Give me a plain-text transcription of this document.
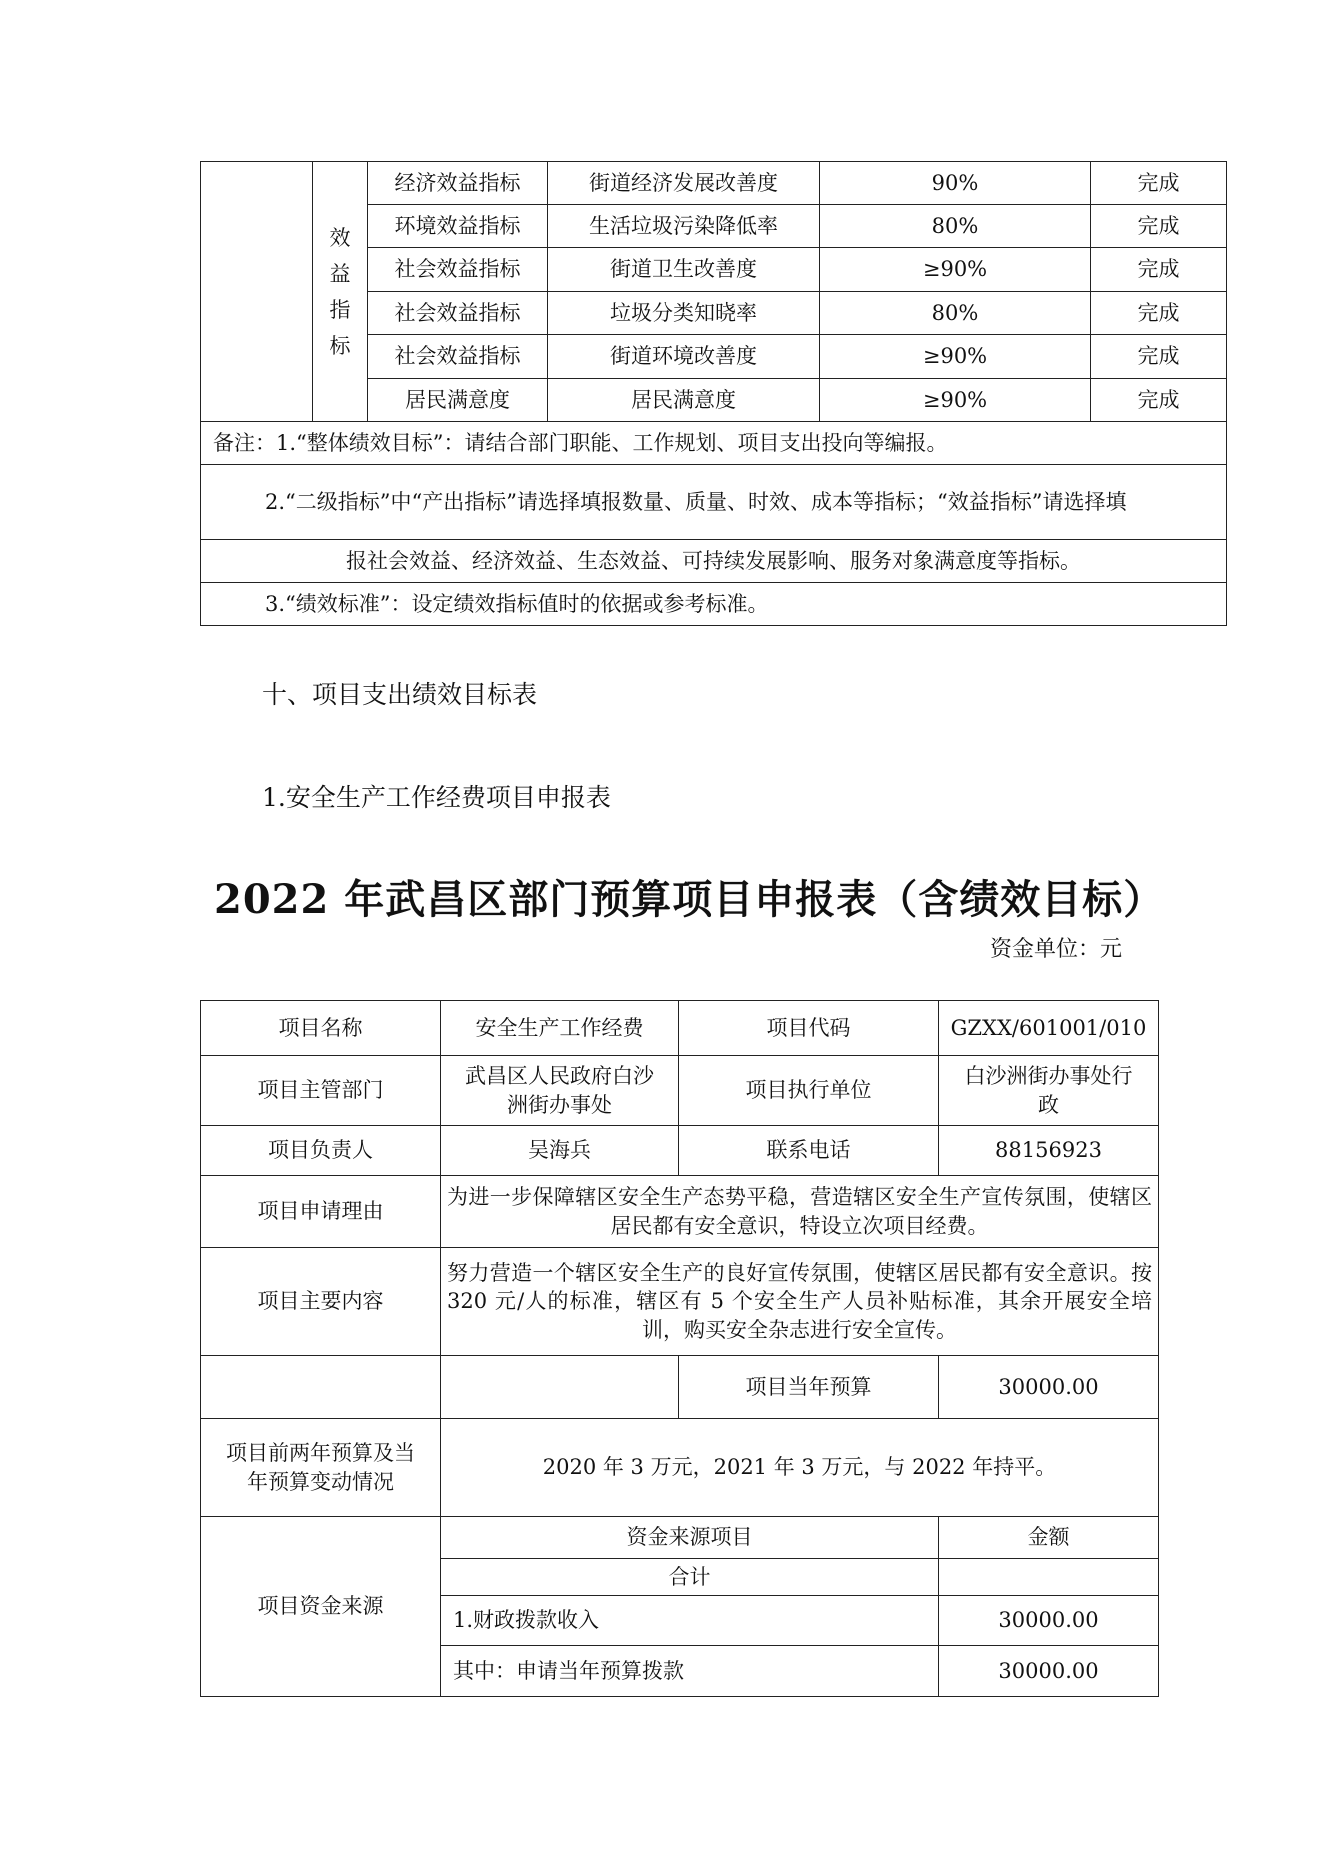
	效益指标	经济效益指标	街道经济发展改善度	90%	完成
		环境效益指标	生活垃圾污染降低率	80%	完成
		社会效益指标	街道卫生改善度	≥90%	完成
		社会效益指标	垃圾分类知晓率	80%	完成
		社会效益指标	街道环境改善度	≥90%	完成
		居民满意度	居民满意度	≥90%	完成
备注：1.“整体绩效目标”：请结合部门职能、工作规划、项目支出投向等编报。					
2.“二级指标”中“产出指标”请选择填报数量、质量、时效、成本等指标；“效益指标”请选择填					
报社会效益、经济效益、生态效益、可持续发展影响、服务对象满意度等指标。					
3.“绩效标准”：设定绩效指标值时的依据或参考标准。					
十、项目支出绩效目标表
1.安全生产工作经费项目申报表
2022 年武昌区部门预算项目申报表（含绩效目标）
资金单位：元
项目名称	安全生产工作经费	项目代码	GZXX/601001/010
项目主管部门	武昌区人民政府白沙洲街办事处	项目执行单位	白沙洲街办事处行政
项目负责人	吴海兵	联系电话	88156923
项目申请理由	为进一步保障辖区安全生产态势平稳，营造辖区安全生产宣传氛围，使辖区居民都有安全意识，特设立次项目经费。		
项目主要内容	努力营造一个辖区安全生产的良好宣传氛围，使辖区居民都有安全意识。按 320 元/人的标准，辖区有 5 个安全生产人员补贴标准，其余开展安全培训，购买安全杂志进行安全宣传。		
		项目当年预算	30000.00
项目前两年预算及当年预算变动情况	2020 年 3 万元，2021 年 3 万元，与 2022 年持平。		
项目资金来源	资金来源项目		金额
	合计		
	1.财政拨款收入		30000.00
	其中：申请当年预算拨款		30000.00
